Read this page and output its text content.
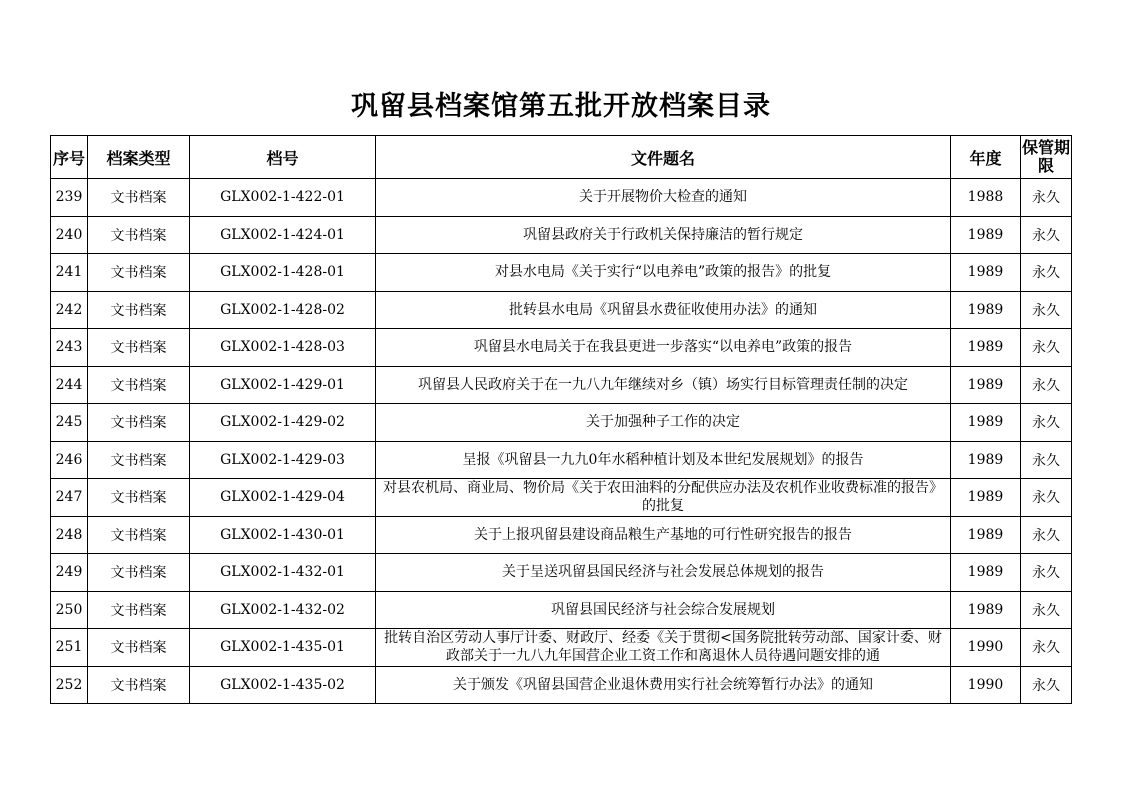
巩留县档案馆第五批开放档案目录
序号	档案类型	档号	文件题名	年度	保管期限
239	文书档案	GLX002-1-422-01	关于开展物价大检查的通知	1988	永久
240	文书档案	GLX002-1-424-01	巩留县政府关于行政机关保持廉洁的暂行规定	1989	永久
241	文书档案	GLX002-1-428-01	对县水电局《关于实行“以电养电”政策的报告》的批复	1989	永久
242	文书档案	GLX002-1-428-02	批转县水电局《巩留县水费征收使用办法》的通知	1989	永久
243	文书档案	GLX002-1-428-03	巩留县水电局关于在我县更进一步落实“以电养电”政策的报告	1989	永久
244	文书档案	GLX002-1-429-01	巩留县人民政府关于在一九八九年继续对乡（镇）场实行目标管理责任制的决定	1989	永久
245	文书档案	GLX002-1-429-02	关于加强种子工作的决定	1989	永久
246	文书档案	GLX002-1-429-03	呈报《巩留县一九九0年水稻种植计划及本世纪发展规划》的报告	1989	永久
247	文书档案	GLX002-1-429-04	对县农机局、商业局、物价局《关于农田油料的分配供应办法及农机作业收费标准的报告》的批复	1989	永久
248	文书档案	GLX002-1-430-01	关于上报巩留县建设商品粮生产基地的可行性研究报告的报告	1989	永久
249	文书档案	GLX002-1-432-01	关于呈送巩留县国民经济与社会发展总体规划的报告	1989	永久
250	文书档案	GLX002-1-432-02	巩留县国民经济与社会综合发展规划	1989	永久
251	文书档案	GLX002-1-435-01	批转自治区劳动人事厅计委、财政厅、经委《关于贯彻<国务院批转劳动部、国家计委、财政部关于一九八九年国营企业工资工作和离退休人员待遇问题安排的通	1990	永久
252	文书档案	GLX002-1-435-02	关于颁发《巩留县国营企业退休费用实行社会统筹暂行办法》的通知	1990	永久
